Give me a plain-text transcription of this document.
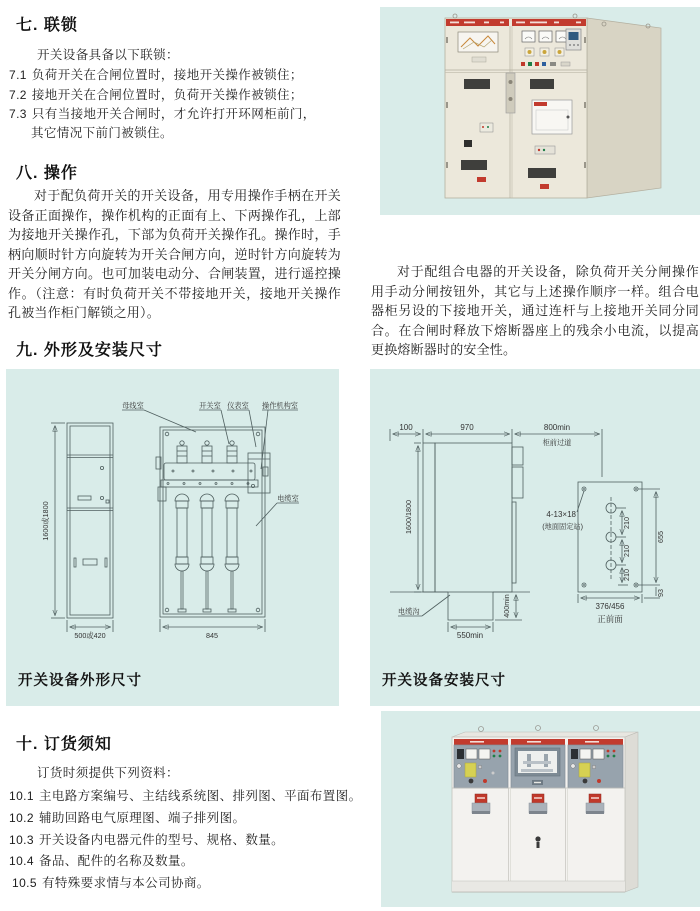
七. 联锁
开关设备具备以下联锁：
7.1 负荷开关在合闸位置时，接地开关操作被锁住；
7.2 接地开关在合闸位置时，负荷开关操作被锁住；
7.3 只有当接地开关合闸时，才允许打开环网柜前门，
其它情况下前门被锁住。
八. 操作

对于配负荷开关的开关设备，用专用操作手柄在开关设备正面操作，操作机构的正面有上、下两操作孔，上部为接地开关操作孔，下部为负荷开关操作孔。操作时，手柄向顺时针方向旋转为开关合闸方向，逆时针方向旋转为开关分闸方向。也可加装电动分、合闸装置，进行遥控操作。（注意：有时负荷开关不带接地开关，接地开关操作孔被当作柜门解锁之用）。

九. 外形及安装尺寸

对于配组合电器的开关设备，除负荷开关分闸操作用手动分闸按钮外，其它与上述操作顺序一样。组合电器柜另设的下接地开关，通过连杆与上接地开关同分同合。在合闸时释放下熔断器座上的残余小电流，以提高更换熔断器时的安全性。

1600或1800
500或420
母线室	开关室 仪表室 操作机构室
电缆室
845

开关设备外形尺寸

100	970	800min
柜前过道
1600/1800
电缆沟
550min
400min
4-13×18
(地面固定站)	210
210
210
655
93
376/456
正前面

开关设备安装尺寸

十. 订货须知
订货时须提供下列资料：
10.1 主电路方案编号、主结线系统图、排列图、平面布置图。
10.2 辅助回路电气原理图、端子排列图。
10.3 开关设备内电器元件的型号、规格、数量。
10.4 备品、配件的名称及数量。
10.5 有特殊要求情与本公司协商。
